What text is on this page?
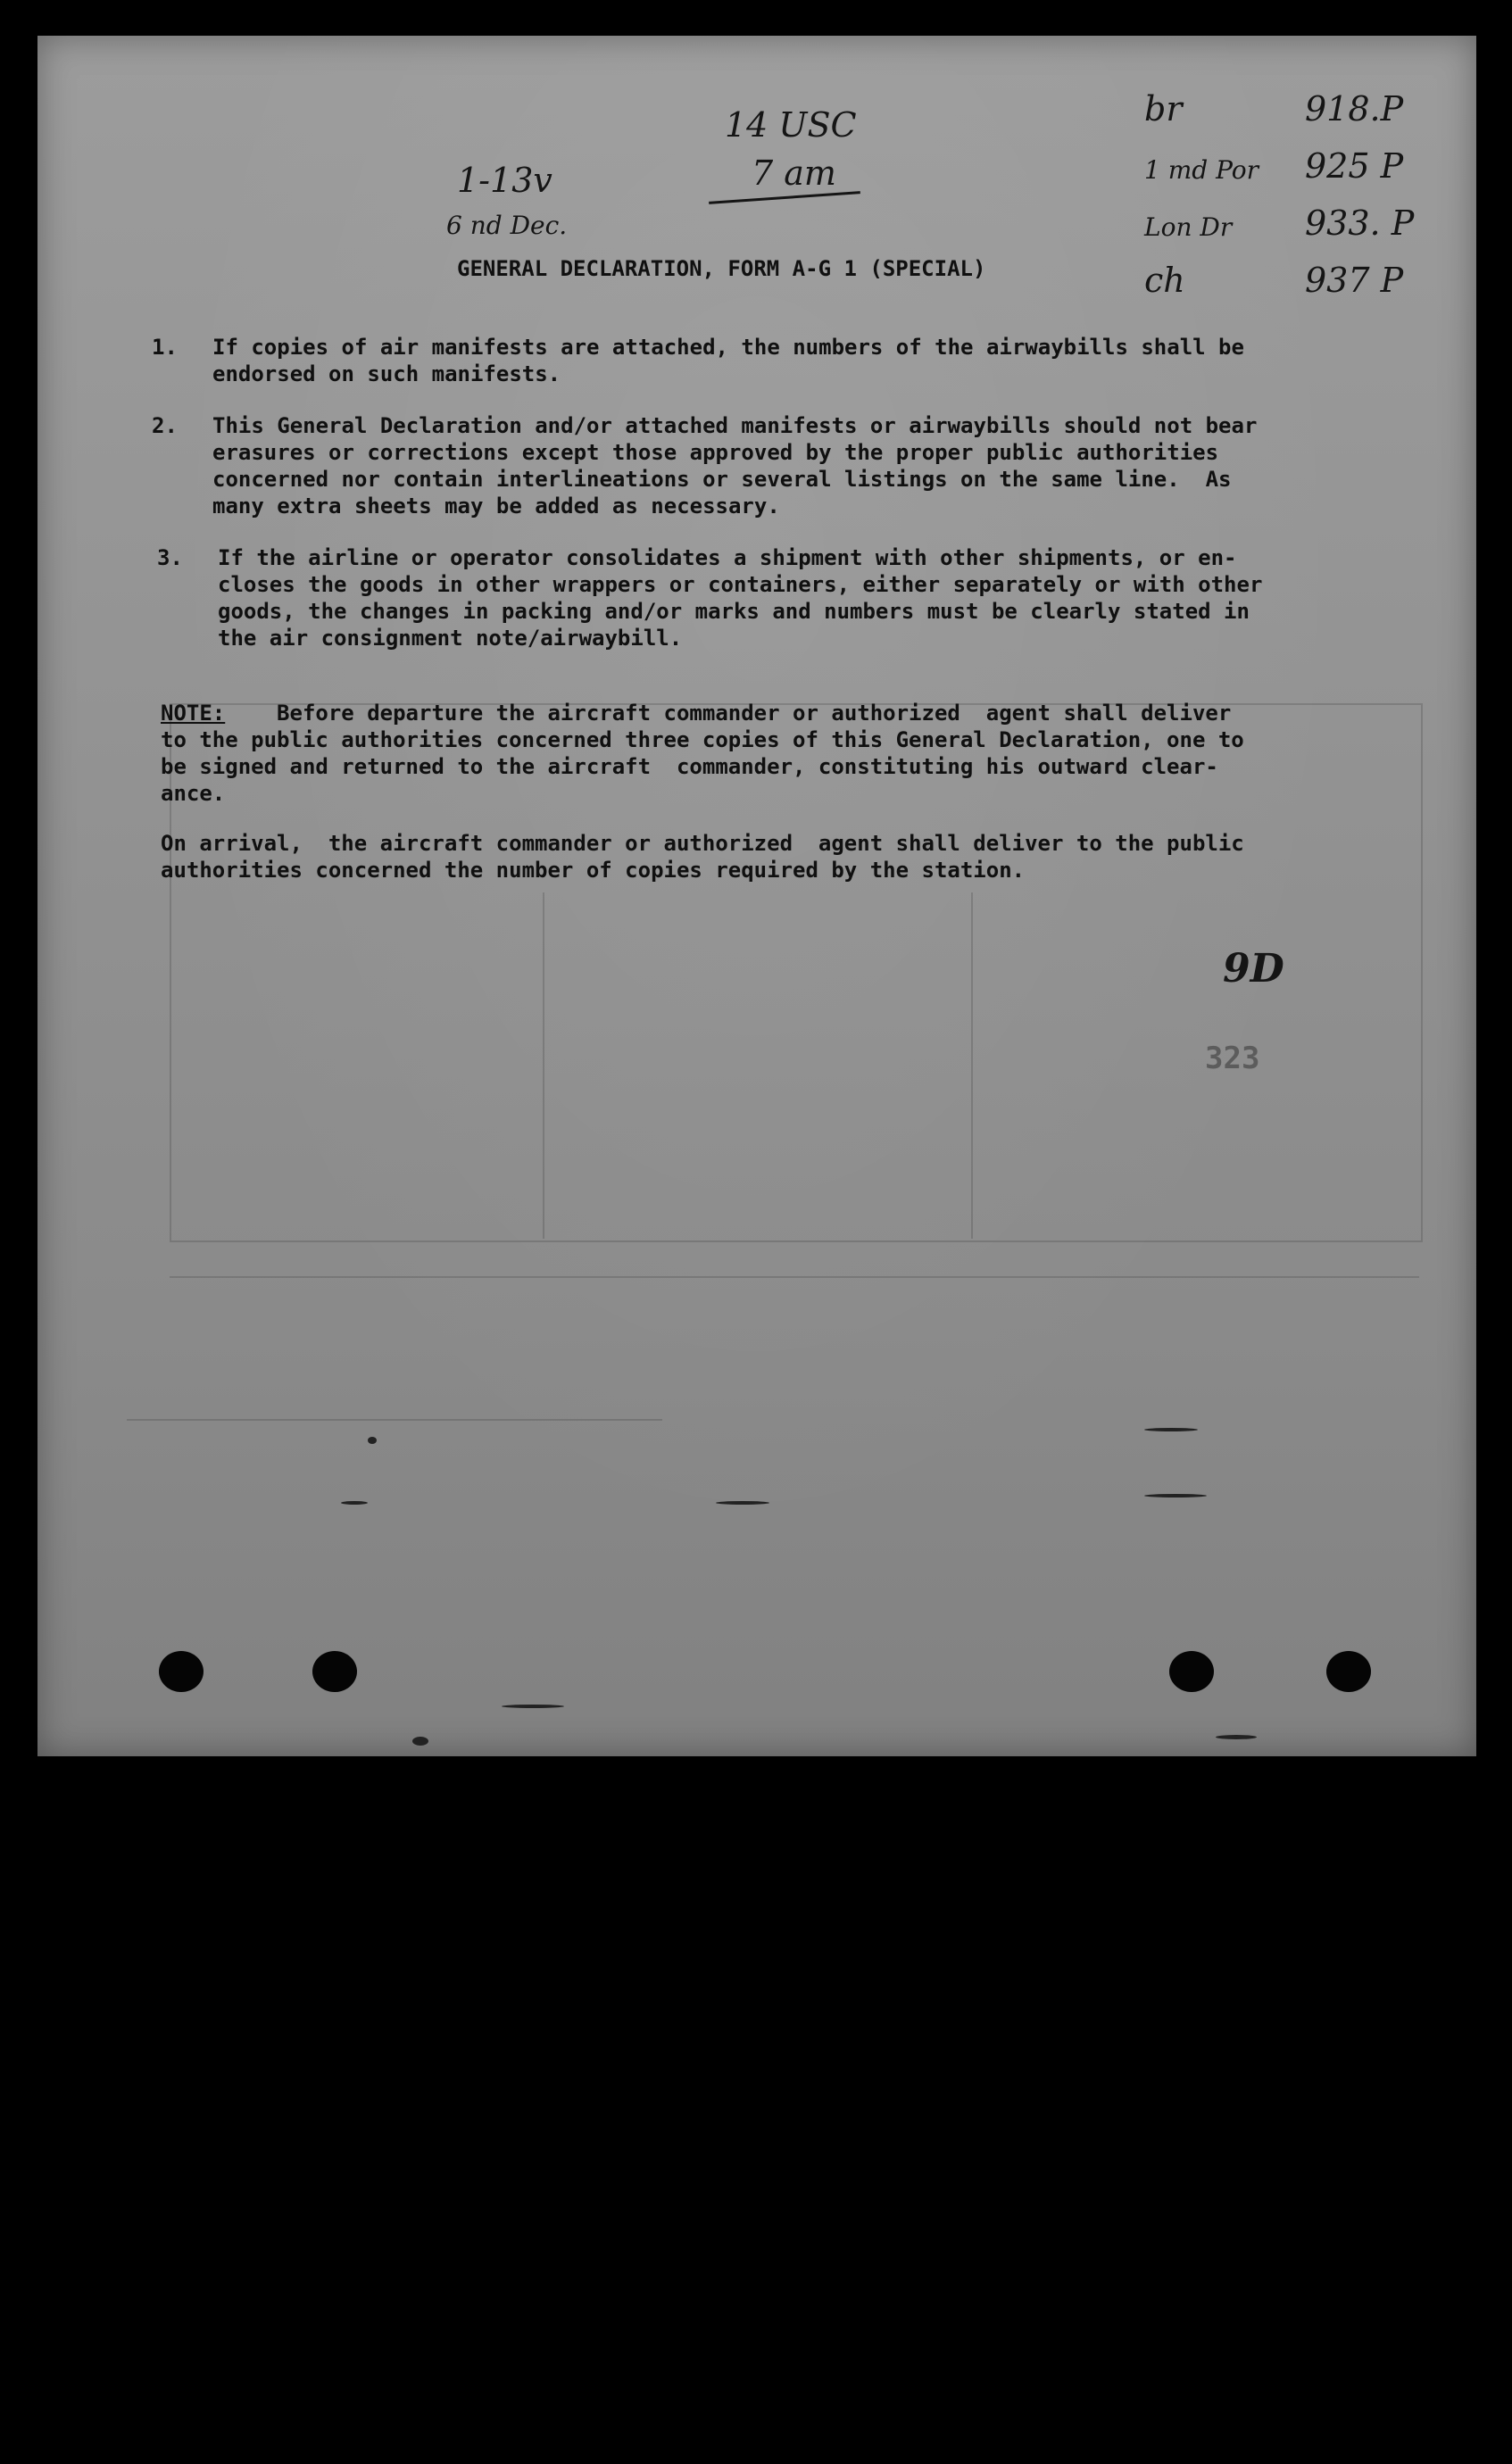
1-13v
6 nd Dec.
14 USC
7 am
br	918.P
1 md Por 925 P
Lon Dr 933. P
ch	937 P
GENERAL DECLARATION, FORM A-G 1 (SPECIAL)
1. If copies of air manifests are attached, the numbers of the airwaybills shall be
endorsed on such manifests.
2. This General Declaration and/or attached manifests or airwaybills should not bear
erasures or corrections except those approved by the proper public authorities
concerned nor contain interlineations or several listings on the same line.  As
many extra sheets may be added as necessary.
3. If the airline or operator consolidates a shipment with other shipments, or en-
closes the goods in other wrappers or containers, either separately or with other
goods, the changes in packing and/or marks and numbers must be clearly stated in
the air consignment note/airwaybill.
NOTE:    Before departure the aircraft commander or authorized  agent shall deliver
to the public authorities concerned three copies of this General Declaration, one to
be signed and returned to the aircraft  commander, constituting his outward clear-
ance.
On arrival,  the aircraft commander or authorized  agent shall deliver to the public
authorities concerned the number of copies required by the station.
9D
323
